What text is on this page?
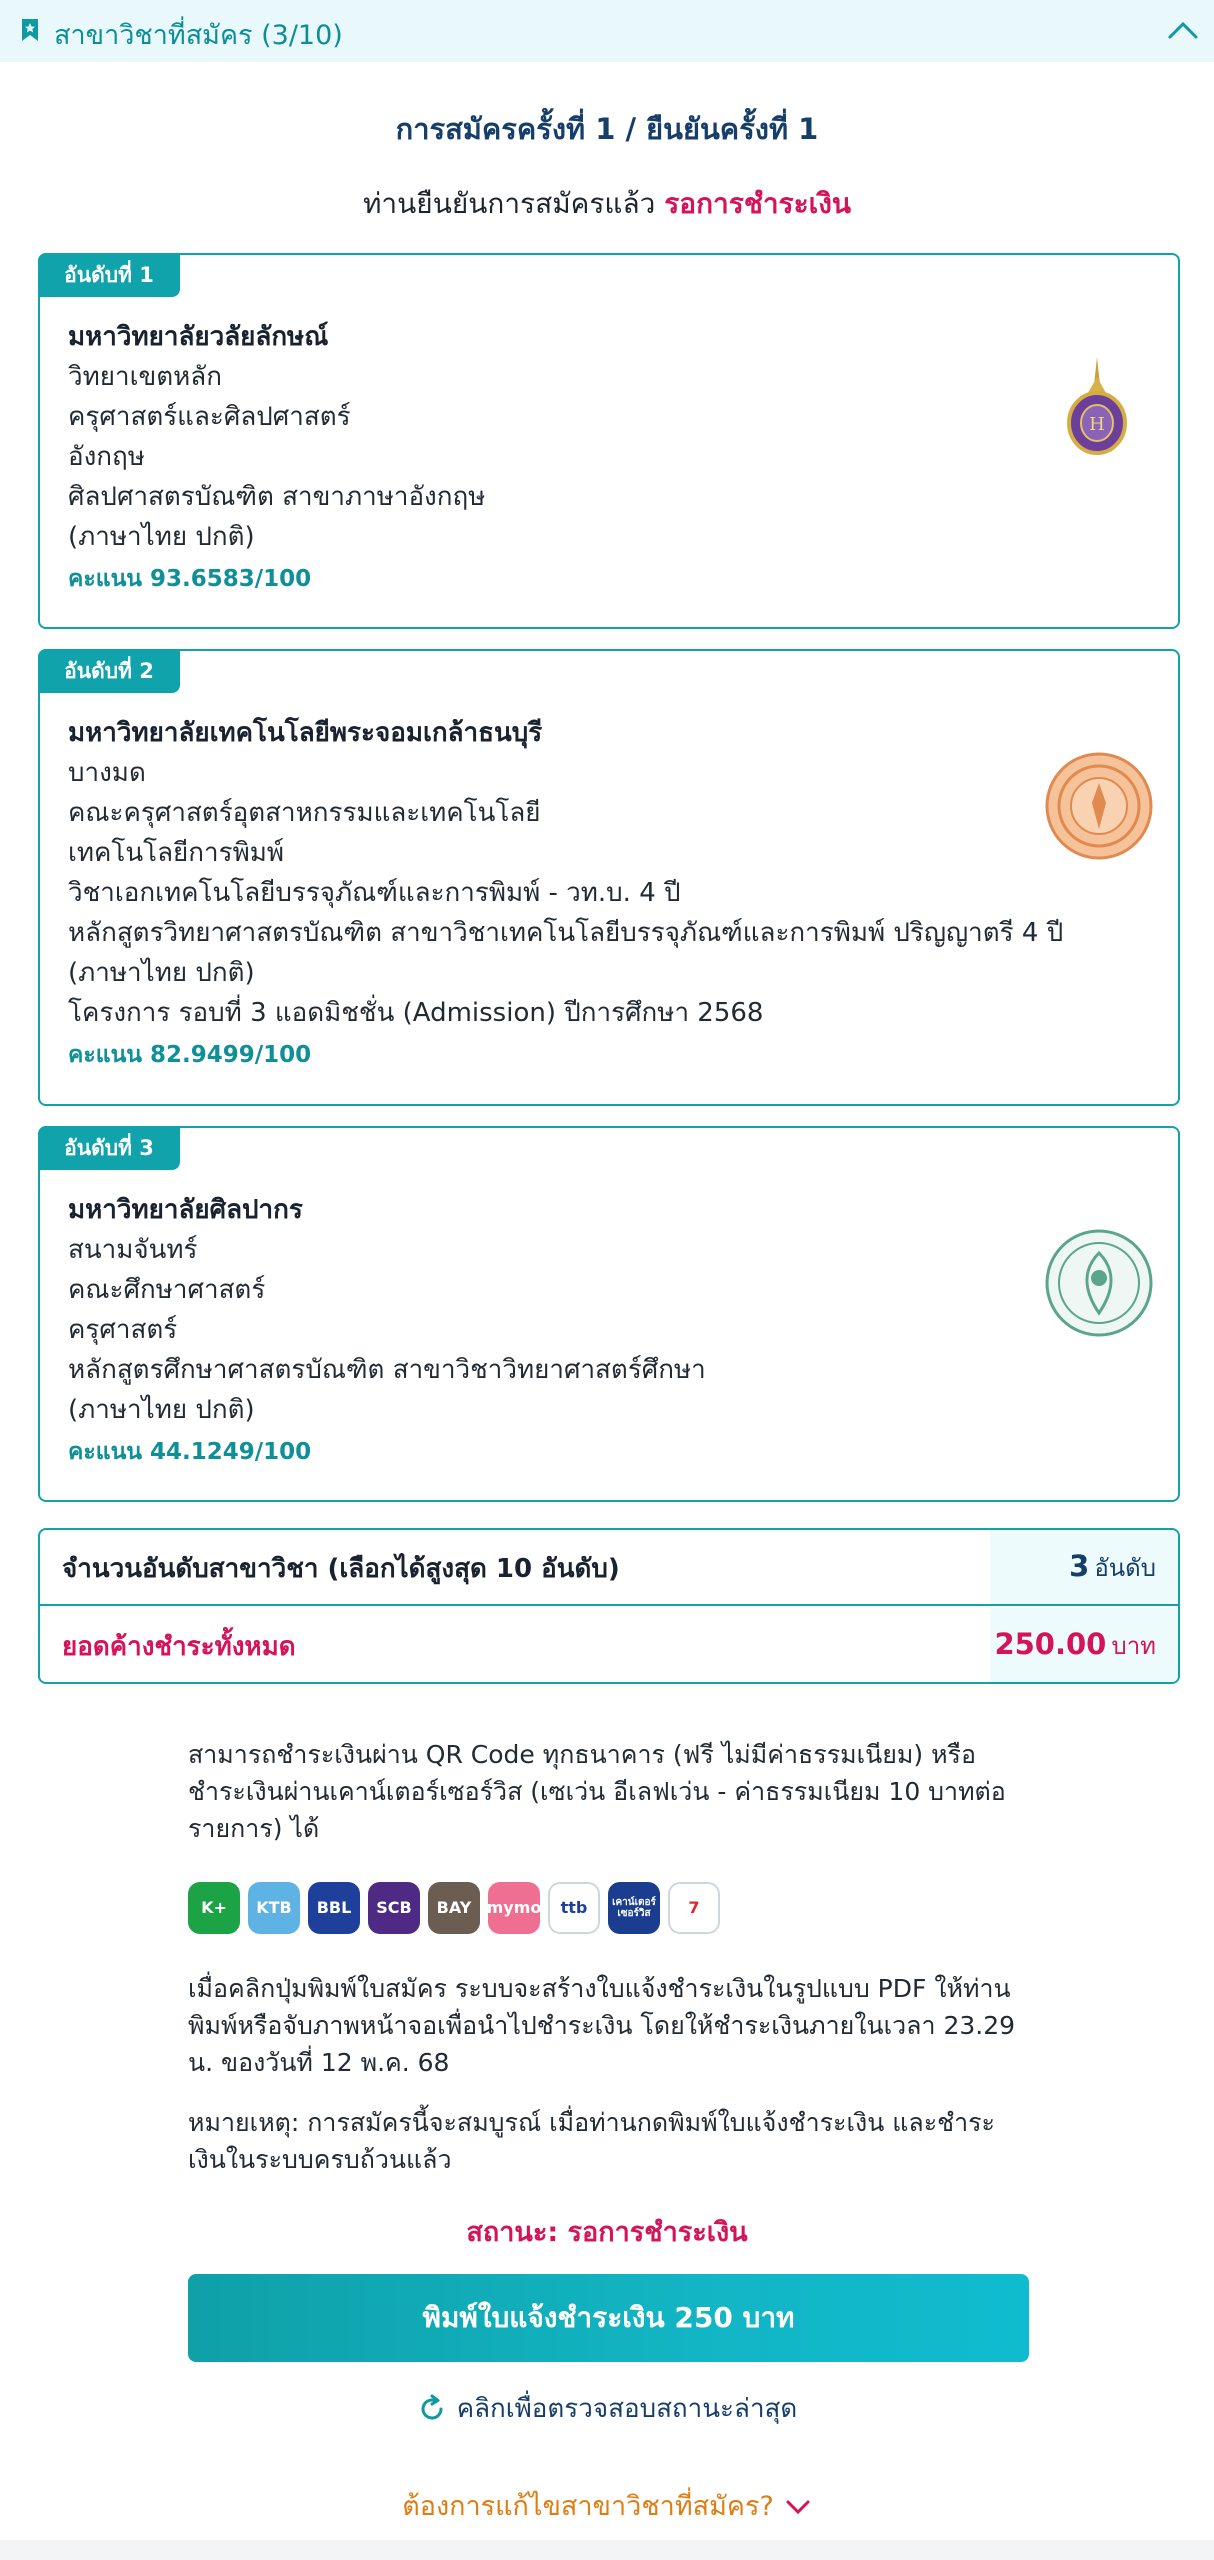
สาขาวิชาที่สมัคร (3/10)
การสมัครครั้งที่ 1 / ยืนยันครั้งที่ 1
ท่านยืนยันการสมัครแล้ว รอการชำระเงิน
อันดับที่ 1
มหาวิทยาลัยวลัยลักษณ์
วิทยาเขตหลัก
ครุศาสตร์และศิลปศาสตร์
อังกฤษ
ศิลปศาสตรบัณฑิต สาขาภาษาอังกฤษ
(ภาษาไทย ปกติ)
คะแนน 93.6583/100
H
อันดับที่ 2
มหาวิทยาลัยเทคโนโลยีพระจอมเกล้าธนบุรี
บางมด
คณะครุศาสตร์อุตสาหกรรมและเทคโนโลยี
เทคโนโลยีการพิมพ์
วิชาเอกเทคโนโลยีบรรจุภัณฑ์และการพิมพ์ - วท.บ. 4 ปี
หลักสูตรวิทยาศาสตรบัณฑิต สาขาวิชาเทคโนโลยีบรรจุภัณฑ์และการพิมพ์ ปริญญาตรี 4 ปี
(ภาษาไทย ปกติ)
โครงการ รอบที่ 3 แอดมิชชั่น (Admission) ปีการศึกษา 2568
คะแนน 82.9499/100
อันดับที่ 3
มหาวิทยาลัยศิลปากร
สนามจันทร์
คณะศึกษาศาสตร์
ครุศาสตร์
หลักสูตรศึกษาศาสตรบัณฑิต สาขาวิชาวิทยาศาสตร์ศึกษา
(ภาษาไทย ปกติ)
คะแนน 44.1249/100
จำนวนอันดับสาขาวิชา (เลือกได้สูงสุด 10 อันดับ)	3 อันดับ
ยอดค้างชำระทั้งหมด	250.00 บาท
สามารถชำระเงินผ่าน QR Code ทุกธนาคาร (ฟรี ไม่มีค่าธรรมเนียม) หรือชำระเงินผ่านเคาน์เตอร์เซอร์วิส (เซเว่น อีเลฟเว่น - ค่าธรรมเนียม 10 บาทต่อรายการ) ได้
K+	KTB	BBL	SCB	BAY mymo	ttb	เคาน์เตอร์ เซอร์วิส	7
เมื่อคลิกปุ่มพิมพ์ใบสมัคร ระบบจะสร้างใบแจ้งชำระเงินในรูปแบบ PDF ให้ท่านพิมพ์หรือจับภาพหน้าจอเพื่อนำไปชำระเงิน โดยให้ชำระเงินภายในเวลา 23.29 น. ของวันที่ 12 พ.ค. 68
หมายเหตุ: การสมัครนี้จะสมบูรณ์ เมื่อท่านกดพิมพ์ใบแจ้งชำระเงิน และชำระเงินในระบบครบถ้วนแล้ว
สถานะ: รอการชำระเงิน
พิมพ์ใบแจ้งชำระเงิน 250 บาท
คลิกเพื่อตรวจสอบสถานะล่าสุด
ต้องการแก้ไขสาขาวิชาที่สมัคร?
